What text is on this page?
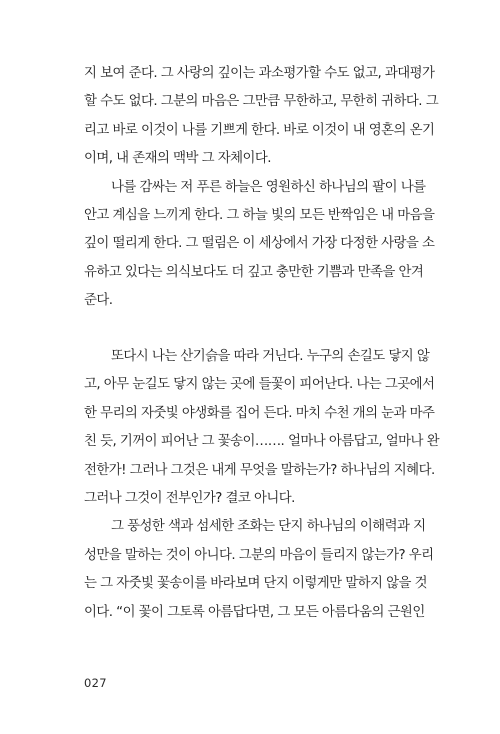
지 보여 준다. 그 사랑의 깊이는 과소평가할 수도 없고, 과대평가
할 수도 없다. 그분의 마음은 그만큼 무한하고, 무한히 귀하다. 그
리고 바로 이것이 나를 기쁘게 한다. 바로 이것이 내 영혼의 온기
이며, 내 존재의 맥박 그 자체이다.
나를 감싸는 저 푸른 하늘은 영원하신 하나님의 팔이 나를
안고 계심을 느끼게 한다. 그 하늘 빛의 모든 반짝임은 내 마음을
깊이 떨리게 한다. 그 떨림은 이 세상에서 가장 다정한 사랑을 소
유하고 있다는 의식보다도 더 깊고 충만한 기쁨과 만족을 안겨
준다.
또다시 나는 산기슭을 따라 거닌다. 누구의 손길도 닿지 않
고, 아무 눈길도 닿지 않는 곳에 들꽃이 피어난다. 나는 그곳에서
한 무리의 자줏빛 야생화를 집어 든다. 마치 수천 개의 눈과 마주
친 듯, 기꺼이 피어난 그 꽃송이……. 얼마나 아름답고, 얼마나 완
전한가! 그러나 그것은 내게 무엇을 말하는가? 하나님의 지혜다.
그러나 그것이 전부인가? 결코 아니다.
그 풍성한 색과 섬세한 조화는 단지 하나님의 이해력과 지
성만을 말하는 것이 아니다. 그분의 마음이 들리지 않는가? 우리
는 그 자줏빛 꽃송이를 바라보며 단지 이렇게만 말하지 않을 것
이다. “이 꽃이 그토록 아름답다면, 그 모든 아름다움의 근원인
027
